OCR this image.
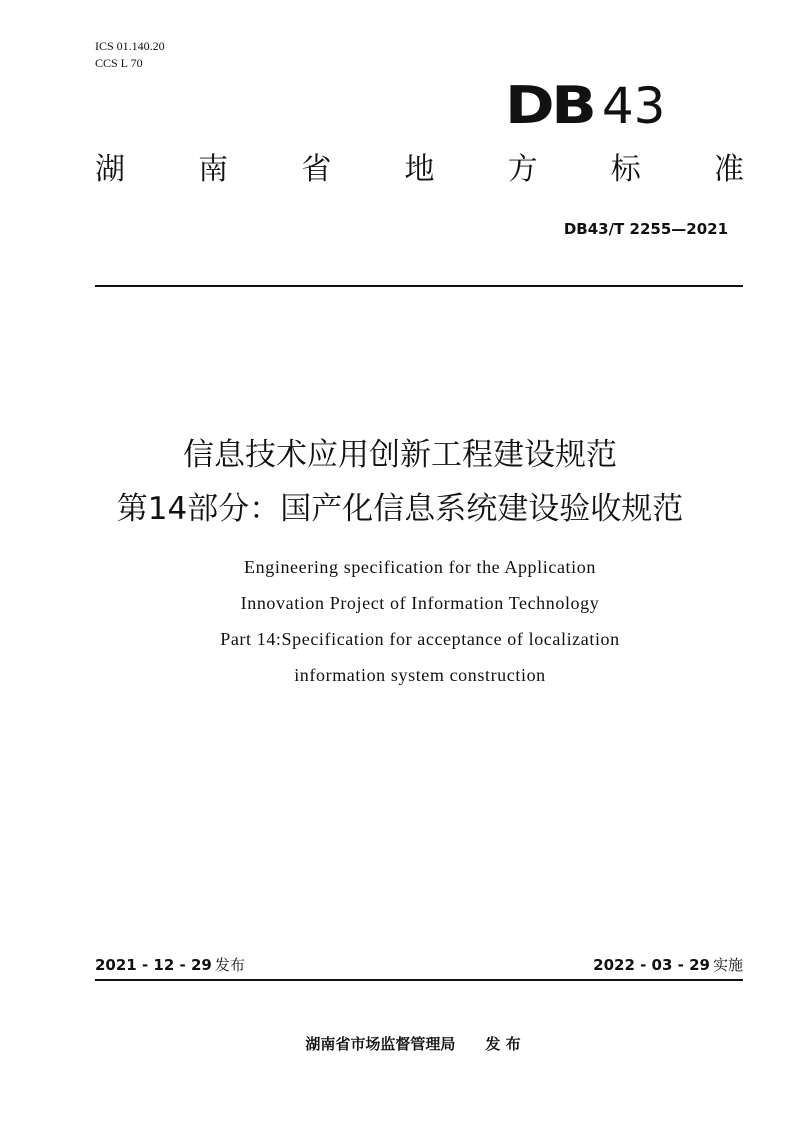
ICS 01.140.20
CCS L 70
DB 43
湖 南 省 地 方 标 准
DB43/T 2255—2021
信息技术应用创新工程建设规范
第14部分：国产化信息系统建设验收规范
Engineering specification for the Application
Innovation Project of Information Technology
Part 14:Specification for acceptance of localization
information system construction
2021 - 12 - 29 发布	2022 - 03 - 29 实施
湖南省市场监督管理局 发 布
